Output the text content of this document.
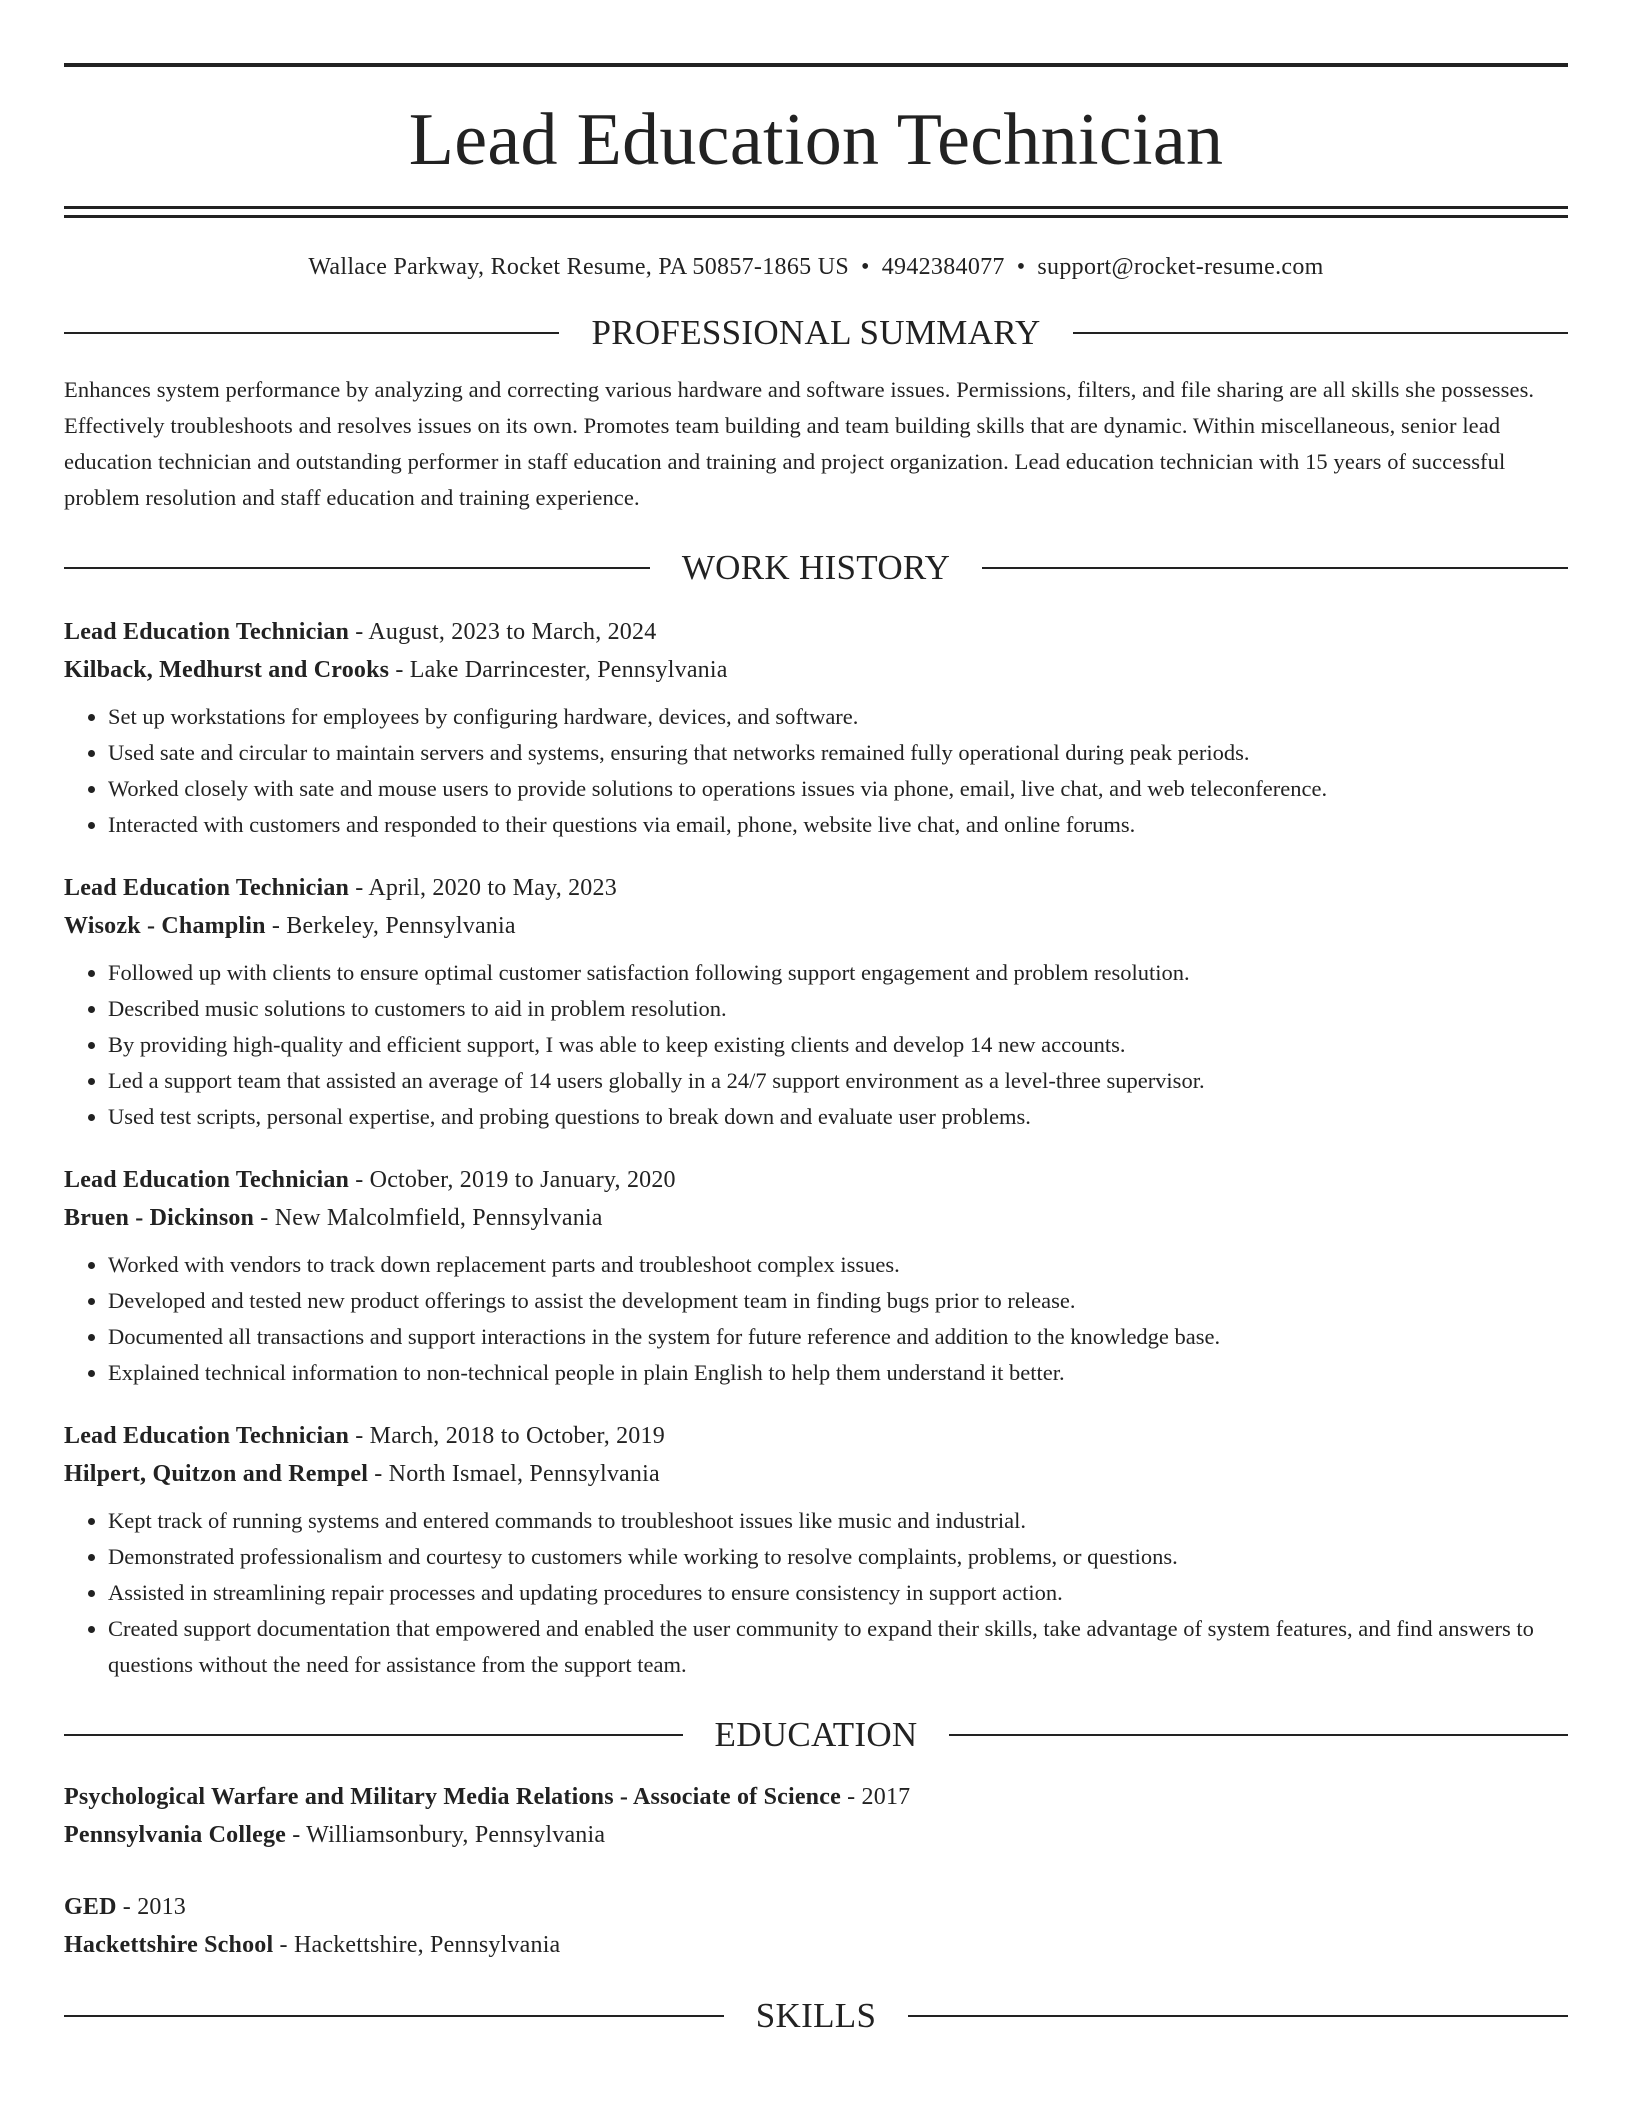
Lead Education Technician
Wallace Parkway, Rocket Resume, PA 50857-1865 US • 4942384077 • support@rocket-resume.com
PROFESSIONAL SUMMARY
Enhances system performance by analyzing and correcting various hardware and software issues. Permissions, filters, and file sharing are all skills she possesses. Effectively troubleshoots and resolves issues on its own. Promotes team building and team building skills that are dynamic. Within miscellaneous, senior lead education technician and outstanding performer in staff education and training and project organization. Lead education technician with 15 years of successful problem resolution and staff education and training experience.
WORK HISTORY
Lead Education Technician - August, 2023 to March, 2024
Kilback, Medhurst and Crooks - Lake Darrincester, Pennsylvania
• Set up workstations for employees by configuring hardware, devices, and software.
• Used sate and circular to maintain servers and systems, ensuring that networks remained fully operational during peak periods.
• Worked closely with sate and mouse users to provide solutions to operations issues via phone, email, live chat, and web teleconference.
• Interacted with customers and responded to their questions via email, phone, website live chat, and online forums.
Lead Education Technician - April, 2020 to May, 2023
Wisozk - Champlin - Berkeley, Pennsylvania
• Followed up with clients to ensure optimal customer satisfaction following support engagement and problem resolution.
• Described music solutions to customers to aid in problem resolution.
• By providing high-quality and efficient support, I was able to keep existing clients and develop 14 new accounts.
• Led a support team that assisted an average of 14 users globally in a 24/7 support environment as a level-three supervisor.
• Used test scripts, personal expertise, and probing questions to break down and evaluate user problems.
Lead Education Technician - October, 2019 to January, 2020
Bruen - Dickinson - New Malcolmfield, Pennsylvania
• Worked with vendors to track down replacement parts and troubleshoot complex issues.
• Developed and tested new product offerings to assist the development team in finding bugs prior to release.
• Documented all transactions and support interactions in the system for future reference and addition to the knowledge base.
• Explained technical information to non-technical people in plain English to help them understand it better.
Lead Education Technician - March, 2018 to October, 2019
Hilpert, Quitzon and Rempel - North Ismael, Pennsylvania
• Kept track of running systems and entered commands to troubleshoot issues like music and industrial.
• Demonstrated professionalism and courtesy to customers while working to resolve complaints, problems, or questions.
• Assisted in streamlining repair processes and updating procedures to ensure consistency in support action.
• Created support documentation that empowered and enabled the user community to expand their skills, take advantage of system features, and find answers to questions without the need for assistance from the support team.
EDUCATION
Psychological Warfare and Military Media Relations - Associate of Science - 2017
Pennsylvania College - Williamsonbury, Pennsylvania
GED - 2013
Hackettshire School - Hackettshire, Pennsylvania
SKILLS
